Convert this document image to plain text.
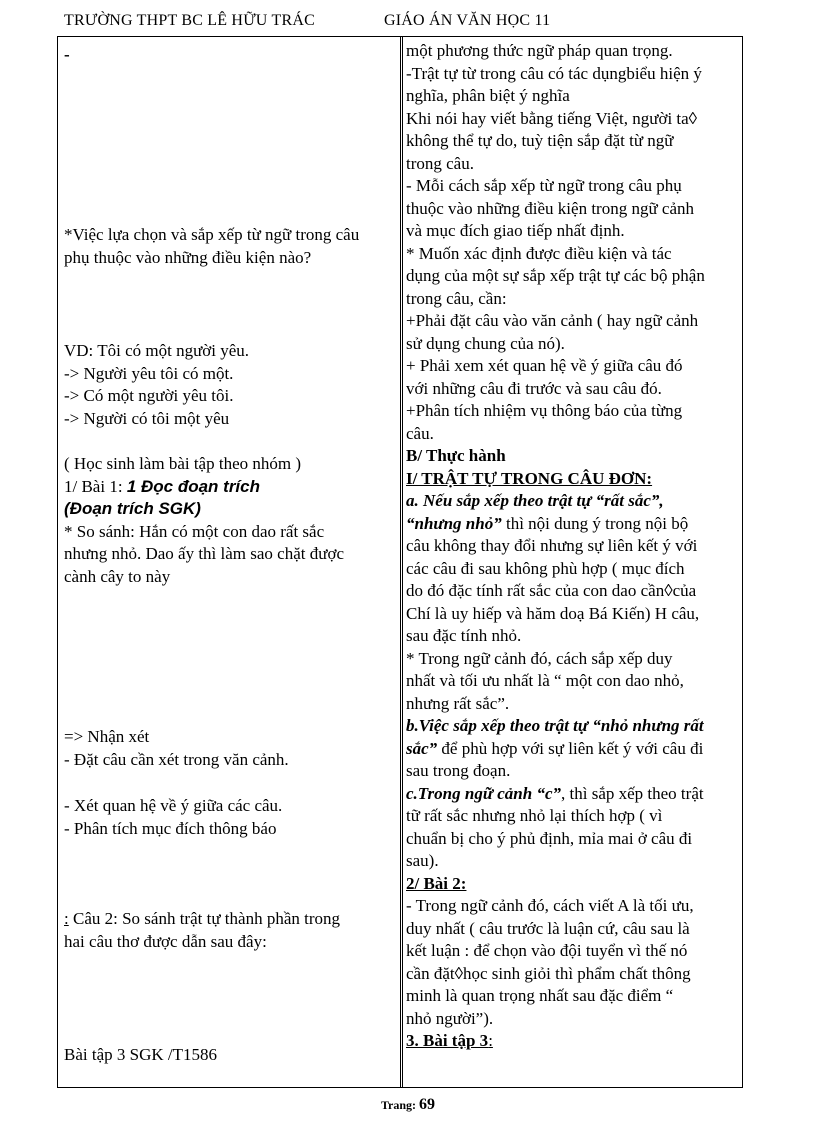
TRƯỜNG THPT BC LÊ HỮU TRÁC	GIÁO ÁN VĂN HỌC 11

-

*Việc lựa chọn và sắp xếp từ ngữ trong câu

phụ thuộc vào những điều kiện nào?

VD: Tôi có một người yêu.

-> Người yêu tôi có một.

-> Có một người yêu tôi.

-> Người có tôi một yêu

( Học sinh làm bài tập theo nhóm )

1/ Bài 1: 1 Đọc đoạn trích

(Đoạn trích SGK)

* So sánh: Hắn có một con dao rất sắc

nhưng nhỏ. Dao ấy thì làm sao chặt được

cành cây to này

=> Nhận xét

- Đặt câu cần xét trong văn cảnh.

- Xét quan hệ về ý giữa các câu.

- Phân tích mục đích thông báo

: Câu 2: So sánh trật tự thành phần trong

hai câu thơ được dẫn sau đây:

Bài tập 3 SGK /T1586

một phương thức ngữ pháp quan trọng.

-Trật tự từ trong câu có tác dụngbiểu hiện ý

nghĩa, phân biệt ý nghĩa

Khi nói hay viết bằng tiếng Việt, người ta◊

không thể tự do, tuỳ tiện sắp đặt từ ngữ

trong câu.

- Mỗi cách sắp xếp từ ngữ trong câu phụ

thuộc vào những điều kiện trong ngữ cảnh

và mục đích giao tiếp nhất định.

* Muốn xác định được điều kiện và tác

dụng của một sự sắp xếp trật tự các bộ phận

trong câu, cần:

+Phải đặt câu vào văn cảnh ( hay ngữ cảnh

sử dụng chung của nó).

+ Phải xem xét quan hệ về ý giữa câu đó

với những câu đi trước và sau câu đó.

+Phân tích nhiệm vụ thông báo của từng

câu.

B/ Thực hành

I/ TRẬT TỰ TRONG CÂU ĐƠN:

a. Nếu sắp xếp theo trật tự “rất sắc”,

“nhưng nhỏ” thì nội dung ý trong nội bộ

câu không thay đổi nhưng sự liên kết ý với

các câu đi sau không phù hợp ( mục đích

do đó đặc tính rất sắc của con dao cần◊của

Chí là uy hiếp và hăm doạ Bá Kiến) H câu,

sau đặc tính nhỏ.

* Trong ngữ cảnh đó, cách sắp xếp duy

nhất và tối ưu nhất là “ một con dao nhỏ,

nhưng rất sắc”.

b.Việc sắp xếp theo trật tự “nhỏ nhưng rất

sắc” để phù hợp với sự liên kết ý với câu đi

sau trong đoạn.

c.Trong ngữ cảnh “c”, thì sắp xếp theo trật

tữ rất sắc nhưng nhỏ lại thích hợp ( vì

chuẩn bị cho ý phủ định, mỉa mai ở câu đi

sau).

2/ Bài 2:

- Trong ngữ cảnh đó, cách viết A là tối ưu,

duy nhất ( câu trước là luận cứ, câu sau là

kết luận : để chọn vào đội tuyển vì thế nó

cần đặt◊học sinh giỏi thì phẩm chất thông

minh là quan trọng nhất sau đặc điểm “

nhỏ người”).

3. Bài tập 3:

Trang: 69
